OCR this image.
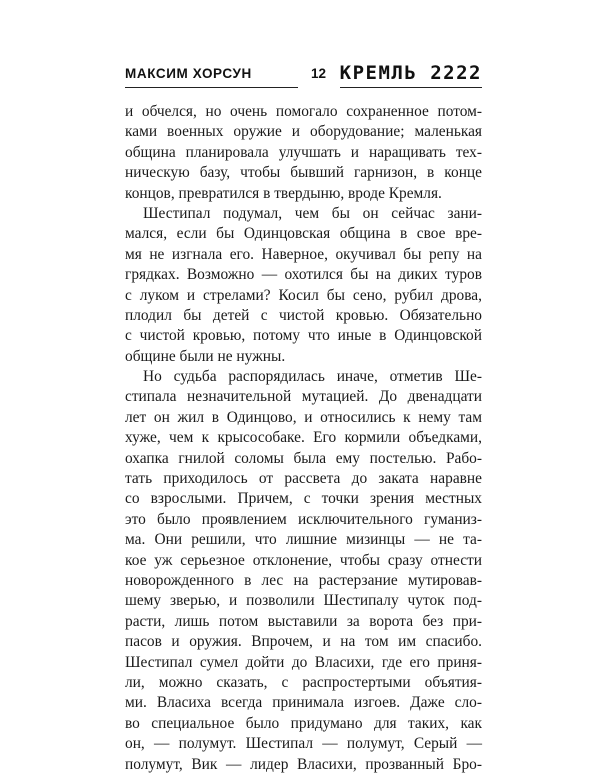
МАКСИМ ХОРСУН	12 КРЕМЛЬ 2222
и обчелся, но очень помогало сохраненное потом-
ками военных оружие и оборудование; маленькая
община планировала улучшать и наращивать тех-
ническую базу, чтобы бывший гарнизон, в конце
концов, превратился в твердыню, вроде Кремля.
Шестипал подумал, чем бы он сейчас зани-
мался, если бы Одинцовская община в свое вре-
мя не изгнала его. Наверное, окучивал бы репу на
грядках. Возможно — охотился бы на диких туров
с луком и стрелами? Косил бы сено, рубил дрова,
плодил бы детей с чистой кровью. Обязательно
с чистой кровью, потому что иные в Одинцовской
общине были не нужны.
Но судьба распорядилась иначе, отметив Ше-
стипала незначительной мутацией. До двенадцати
лет он жил в Одинцово, и относились к нему там
хуже, чем к крысособаке. Его кормили объедками,
охапка гнилой соломы была ему постелью. Рабо-
тать приходилось от рассвета до заката наравне
со взрослыми. Причем, с точки зрения местных
это было проявлением исключительного гуманиз-
ма. Они решили, что лишние мизинцы — не та-
кое уж серьезное отклонение, чтобы сразу отнести
новорожденного в лес на растерзание мутировав-
шему зверью, и позволили Шестипалу чуток под-
расти, лишь потом выставили за ворота без при-
пасов и оружия. Впрочем, и на том им спасибо.
Шестипал сумел дойти до Власихи, где его приня-
ли, можно сказать, с распростертыми объятия-
ми. Власиха всегда принимала изгоев. Даже сло-
во специальное было придумано для таких, как
он, — полумут. Шестипал — полумут, Серый —
полумут, Вик — лидер Власихи, прозванный Бро-
